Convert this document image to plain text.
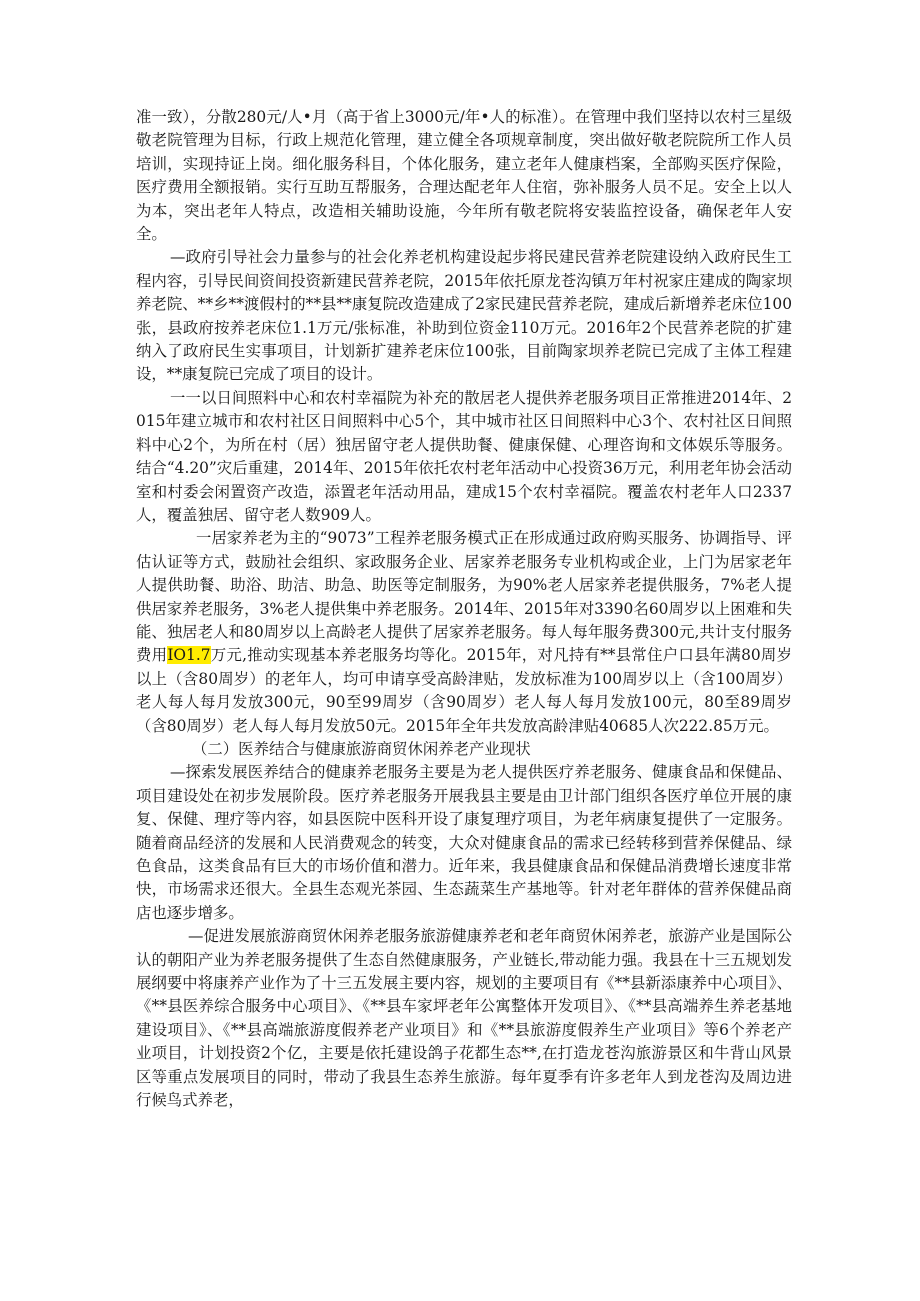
准一致），分散280元/人•月（高于省上3000元/年•人的标准）。在管理中我们坚持以农村三星级敬老院管理为目标，行政上规范化管理，建立健全各项规章制度，突出做好敬老院院所工作人员培训，实现持证上岗。细化服务科目，个体化服务，建立老年人健康档案，全部购买医疗保险，医疗费用全额报销。实行互助互帮服务，合理达配老年人住宿，弥补服务人员不足。安全上以人为本，突出老年人特点，改造相关辅助设施，今年所有敬老院将安装监控设备，确保老年人安全。

—政府引导社会力量参与的社会化养老机构建设起步将民建民营养老院建设纳入政府民生工程内容，引导民间资间投资新建民营养老院，2015年依托原龙苍沟镇万年村祝家庄建成的陶家坝养老院、**乡**渡假村的**县**康复院改造建成了2家民建民营养老院，建成后新增养老床位100张，县政府按养老床位1.1万元/张标准，补助到位资金110万元。2016年2个民营养老院的扩建纳入了政府民生实事项目，计划新扩建养老床位100张，目前陶家坝养老院已完成了主体工程建设，**康复院已完成了项目的设计。

一一以日间照料中心和农村幸福院为补充的散居老人提供养老服务项目正常推进2014年、2015年建立城市和农村社区日间照料中心5个，其中城市社区日间照料中心3个、农村社区日间照料中心2个，为所在村（居）独居留守老人提供助餐、健康保健、心理咨询和文体娱乐等服务。结合“4.20”灾后重建，2014年、2015年依托农村老年活动中心投资36万元，利用老年协会活动室和村委会闲置资产改造，添置老年活动用品，建成15个农村幸福院。覆盖农村老年人口2337人，覆盖独居、留守老人数909人。

一居家养老为主的“9073”工程养老服务模式正在形成通过政府购买服务、协调指导、评估认证等方式，鼓励社会组织、家政服务企业、居家养老服务专业机构或企业，上门为居家老年人提供助餐、助浴、助洁、助急、助医等定制服务，为90%老人居家养老提供服务，7%老人提供居家养老服务，3%老人提供集中养老服务。2014年、2015年对3390名60周岁以上困难和失能、独居老人和80周岁以上高龄老人提供了居家养老服务。每人每年服务费300元,共计支付服务费用IO1.7万元,推动实现基本养老服务均等化。2015年，对凡持有**县常住户口县年满80周岁以上（含80周岁）的老年人，均可申请享受高龄津贴，发放标准为100周岁以上（含100周岁）老人每人每月发放300元，90至99周岁（含90周岁）老人每人每月发放100元，80至89周岁（含80周岁）老人每人每月发放50元。2015年全年共发放高龄津贴40685人次222.85万元。

（二）医养结合与健康旅游商贸休闲养老产业现状

—探索发展医养结合的健康养老服务主要是为老人提供医疗养老服务、健康食品和保健品、项目建设处在初步发展阶段。医疗养老服务开展我县主要是由卫计部门组织各医疗单位开展的康复、保健、理疗等内容，如县医院中医科开设了康复理疗项目，为老年病康复提供了一定服务。随着商品经济的发展和人民消费观念的转变，大众对健康食品的需求已经转移到营养保健品、绿色食品，这类食品有巨大的市场价值和潜力。近年来，我县健康食品和保健品消费增长速度非常快，市场需求还很大。全县生态观光茶园、生态蔬菜生产基地等。针对老年群体的营养保健品商店也逐步增多。

—促进发展旅游商贸休闲养老服务旅游健康养老和老年商贸休闲养老，旅游产业是国际公认的朝阳产业为养老服务提供了生态自然健康服务，产业链长,带动能力强。我县在十三五规划发展纲要中将康养产业作为了十三五发展主要内容，规划的主要项目有《**县新添康养中心项目》、《**县医养综合服务中心项目》、《**县车家坪老年公寓整体开发项目》、《**县高端养生养老基地建设项目》、《**县高端旅游度假养老产业项目》和《**县旅游度假养生产业项目》等6个养老产业项目，计划投资2个亿，主要是依托建设鸽子花都生态**,在打造龙苍沟旅游景区和牛背山风景区等重点发展项目的同时，带动了我县生态养生旅游。每年夏季有许多老年人到龙苍沟及周边进行候鸟式养老，
